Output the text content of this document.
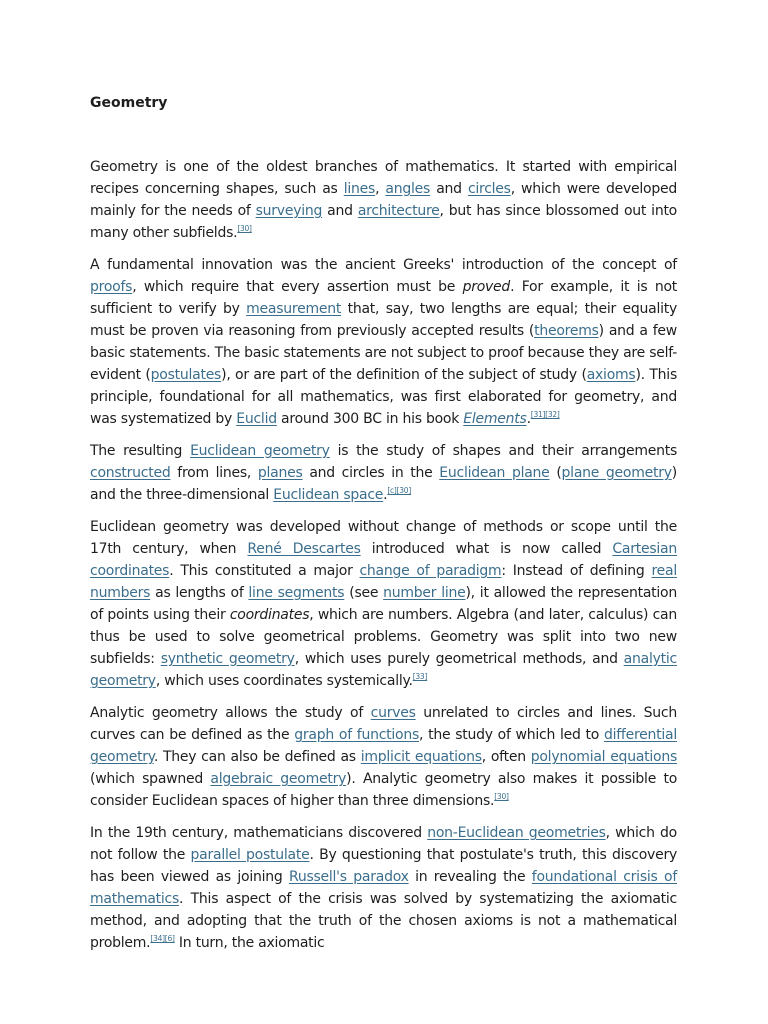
Geometry

Geometry is one of the oldest branches of mathematics. It started with empirical recipes concerning shapes, such as lines, angles and circles, which were developed mainly for the needs of surveying and architecture, but has since blossomed out into many other subfields.[30]

A fundamental innovation was the ancient Greeks' introduction of the concept of proofs, which require that every assertion must be proved. For example, it is not sufficient to verify by measurement that, say, two lengths are equal; their equality must be proven via reasoning from previously accepted results (theorems) and a few basic statements. The basic statements are not subject to proof because they are self-evident (postulates), or are part of the definition of the subject of study (axioms). This principle, foundational for all mathematics, was first elaborated for geometry, and was systematized by Euclid around 300 BC in his book Elements.[31][32]

The resulting Euclidean geometry is the study of shapes and their arrangements constructed from lines, planes and circles in the Euclidean plane (plane geometry) and the three-dimensional Euclidean space.[c][30]

Euclidean geometry was developed without change of methods or scope until the 17th century, when René Descartes introduced what is now called Cartesian coordinates. This constituted a major change of paradigm: Instead of defining real numbers as lengths of line segments (see number line), it allowed the representation of points using their coordinates, which are numbers. Algebra (and later, calculus) can thus be used to solve geometrical problems. Geometry was split into two new subfields: synthetic geometry, which uses purely geometrical methods, and analytic geometry, which uses coordinates systemically.[33]

Analytic geometry allows the study of curves unrelated to circles and lines. Such curves can be defined as the graph of functions, the study of which led to differential geometry. They can also be defined as implicit equations, often polynomial equations (which spawned algebraic geometry). Analytic geometry also makes it possible to consider Euclidean spaces of higher than three dimensions.[30]

In the 19th century, mathematicians discovered non-Euclidean geometries, which do not follow the parallel postulate. By questioning that postulate's truth, this discovery has been viewed as joining Russell's paradox in revealing the foundational crisis of mathematics. This aspect of the crisis was solved by systematizing the axiomatic method, and adopting that the truth of the chosen axioms is not a mathematical problem.[34][6] In turn, the axiomatic
